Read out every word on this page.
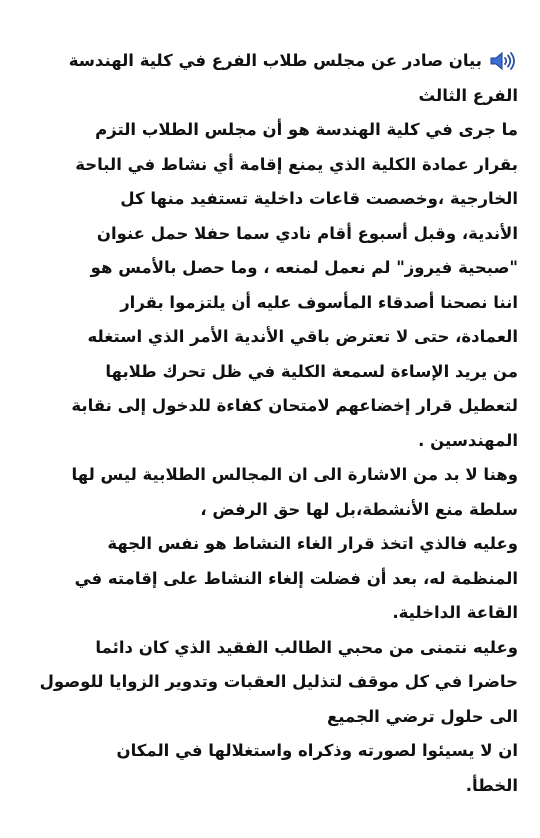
بيان صادر عن مجلس طلاب الفرع في كلية الهندسة
الفرع الثالث
ما جرى في كلية الهندسة هو أن مجلس الطلاب التزم
بقرار عمادة الكلية الذي يمنع إقامة أي نشاط في الباحة
الخارجية ،وخصصت قاعات داخلية تستفيد منها كل
الأندية، وقبل أسبوع أقام نادي سما حفلا حمل عنوان
"صبحية فيروز" لم نعمل لمنعه ، وما حصل بالأمس هو
اننا نصحنا أصدقاء المأسوف عليه أن يلتزموا بقرار
العمادة، حتى لا تعترض باقي الأندية الأمر الذي استغله
من يريد الإساءة لسمعة الكلية في ظل تحرك طلابها
لتعطيل قرار إخضاعهم لامتحان كفاءة للدخول إلى نقابة
المهندسين .
وهنا لا بد من الاشارة الى ان المجالس الطلابية ليس لها
سلطة منع الأنشطة،بل لها حق الرفض ،
وعليه فالذي اتخذ قرار الغاء النشاط هو نفس الجهة
المنظمة له، بعد أن فضلت إلغاء النشاط على إقامته في
القاعة الداخلية.
وعليه نتمنى من محبي الطالب الفقيد الذي كان دائما
حاضرا في كل موقف لتذليل العقبات وتدوير الزوايا للوصول
الى حلول ترضي الجميع
ان لا يسيئوا لصورته وذكراه واستغلالها في المكان
الخطأ.
